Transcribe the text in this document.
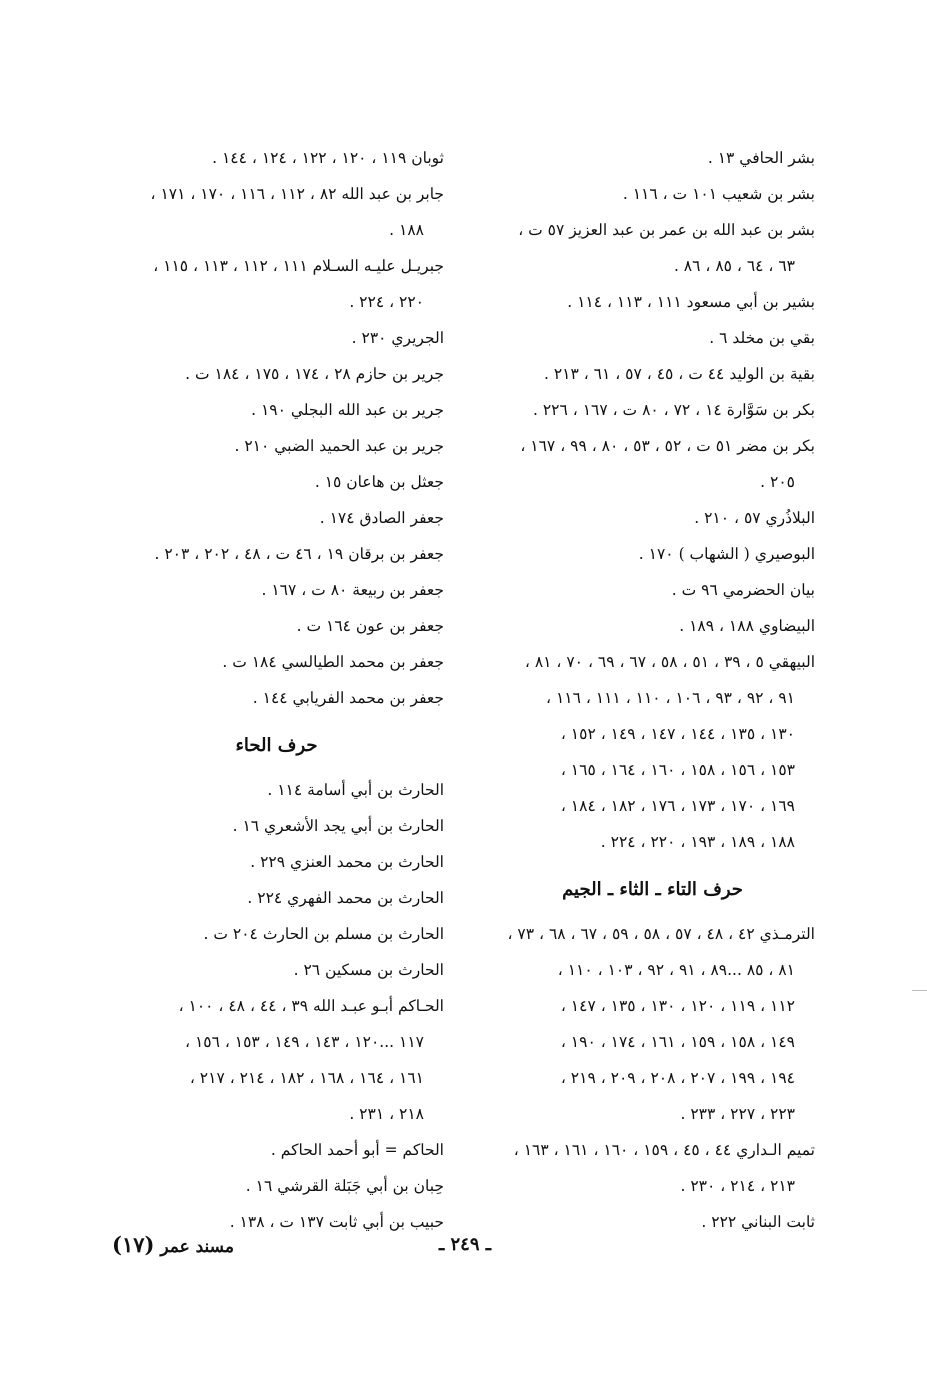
بشر الحافي ١٣ .
بشر بن شعيب ١٠١ ت ، ١١٦ .
بشر بن عبد الله بن عمر بن عبد العزيز ٥٧ ت ،
٦٣ ، ٦٤ ، ٨٥ ، ٨٦ .
بشير بن أبي مسعود ١١١ ، ١١٣ ، ١١٤ .
بقي بن مخلد ٦ .
بقية بن الوليد ٤٤ ت ، ٤٥ ، ٥٧ ، ٦١ ، ٢١٣ .
بكر بن سَوَّارة ١٤ ، ٧٢ ، ٨٠ ت ، ١٦٧ ، ٢٢٦ .
بكر بن مضر ٥١ ت ، ٥٢ ، ٥٣ ، ٨٠ ، ٩٩ ، ١٦٧ ،
٢٠٥ .
البلاذُري ٥٧ ، ٢١٠ .
البوصيري ( الشهاب ) ١٧٠ .
بيان الحضرمي ٩٦ ت .
البيضاوي ١٨٨ ، ١٨٩ .
البيهقي ٥ ، ٣٩ ، ٥١ ، ٥٨ ، ٦٧ ، ٦٩ ، ٧٠ ، ٨١ ،
٩١ ، ٩٢ ، ٩٣ ، ١٠٦ ، ١١٠ ، ١١١ ، ١١٦ ،
١٣٠ ، ١٣٥ ، ١٤٤ ، ١٤٧ ، ١٤٩ ، ١٥٢ ،
١٥٣ ، ١٥٦ ، ١٥٨ ، ١٦٠ ، ١٦٤ ، ١٦٥ ،
١٦٩ ، ١٧٠ ، ١٧٣ ، ١٧٦ ، ١٨٢ ، ١٨٤ ،
١٨٨ ، ١٨٩ ، ١٩٣ ، ٢٢٠ ، ٢٢٤ .
حرف التاء ـ الثاء ـ الجيم
الترمـذي ٤٢ ، ٤٨ ، ٥٧ ، ٥٨ ، ٥٩ ، ٦٧ ، ٦٨ ، ٧٣ ،
٨١ ، ٨٥ ...٨٩ ، ٩١ ، ٩٢ ، ١٠٣ ، ١١٠ ،
١١٢ ، ١١٩ ، ١٢٠ ، ١٣٠ ، ١٣٥ ، ١٤٧ ،
١٤٩ ، ١٥٨ ، ١٥٩ ، ١٦١ ، ١٧٤ ، ١٩٠ ،
١٩٤ ، ١٩٩ ، ٢٠٧ ، ٢٠٨ ، ٢٠٩ ، ٢١٩ ،
٢٢٣ ، ٢٢٧ ، ٢٣٣ .
تميم الـداري ٤٤ ، ٤٥ ، ١٥٩ ، ١٦٠ ، ١٦١ ، ١٦٣ ،
٢١٣ ، ٢١٤ ، ٢٣٠ .
ثابت البناني ٢٢٢ .
ثوبان ١١٩ ، ١٢٠ ، ١٢٢ ، ١٢٤ ، ١٤٤ .
جابر بن عبد الله ٨٢ ، ١١٢ ، ١١٦ ، ١٧٠ ، ١٧١ ،
١٨٨ .
جبريـل عليـه السـلام ١١١ ، ١١٢ ، ١١٣ ، ١١٥ ،
٢٢٠ ، ٢٢٤ .
الجريري ٢٣٠ .
جرير بن حازم ٢٨ ، ١٧٤ ، ١٧٥ ، ١٨٤ ت .
جرير بن عبد الله البجلي ١٩٠ .
جرير بن عبد الحميد الضبي ٢١٠ .
جعثل بن هاعان ١٥ .
جعفر الصادق ١٧٤ .
جعفر بن برقان ١٩ ، ٤٦ ت ، ٤٨ ، ٢٠٢ ، ٢٠٣ .
جعفر بن ربيعة ٨٠ ت ، ١٦٧ .
جعفر بن عون ١٦٤ ت .
جعفر بن محمد الطيالسي ١٨٤ ت .
جعفر بن محمد الفريابي ١٤٤ .
حرف الحاء
الحارث بن أبي أسامة ١١٤ .
الحارث بن أبي يجد الأشعري ١٦ .
الحارث بن محمد العنزي ٢٢٩ .
الحارث بن محمد الفهري ٢٢٤ .
الحارث بن مسلم بن الحارث ٢٠٤ ت .
الحارث بن مسكين ٢٦ .
الحـاكم أبـو عبـد الله ٣٩ ، ٤٤ ، ٤٨ ، ١٠٠ ،
١١٧ ...١٢٠ ، ١٤٣ ، ١٤٩ ، ١٥٣ ، ١٥٦ ،
١٦١ ، ١٦٤ ، ١٦٨ ، ١٨٢ ، ٢١٤ ، ٢١٧ ،
٢١٨ ، ٢٣١ .
الحاكم = أبو أحمد الحاكم .
حِبان بن أبي جَبَلة القرشي ١٦ .
حبيب بن أبي ثابت ١٣٧ ت ، ١٣٨ .
ـ ٢٤٩ ـ
مسند عمر (١٧)
